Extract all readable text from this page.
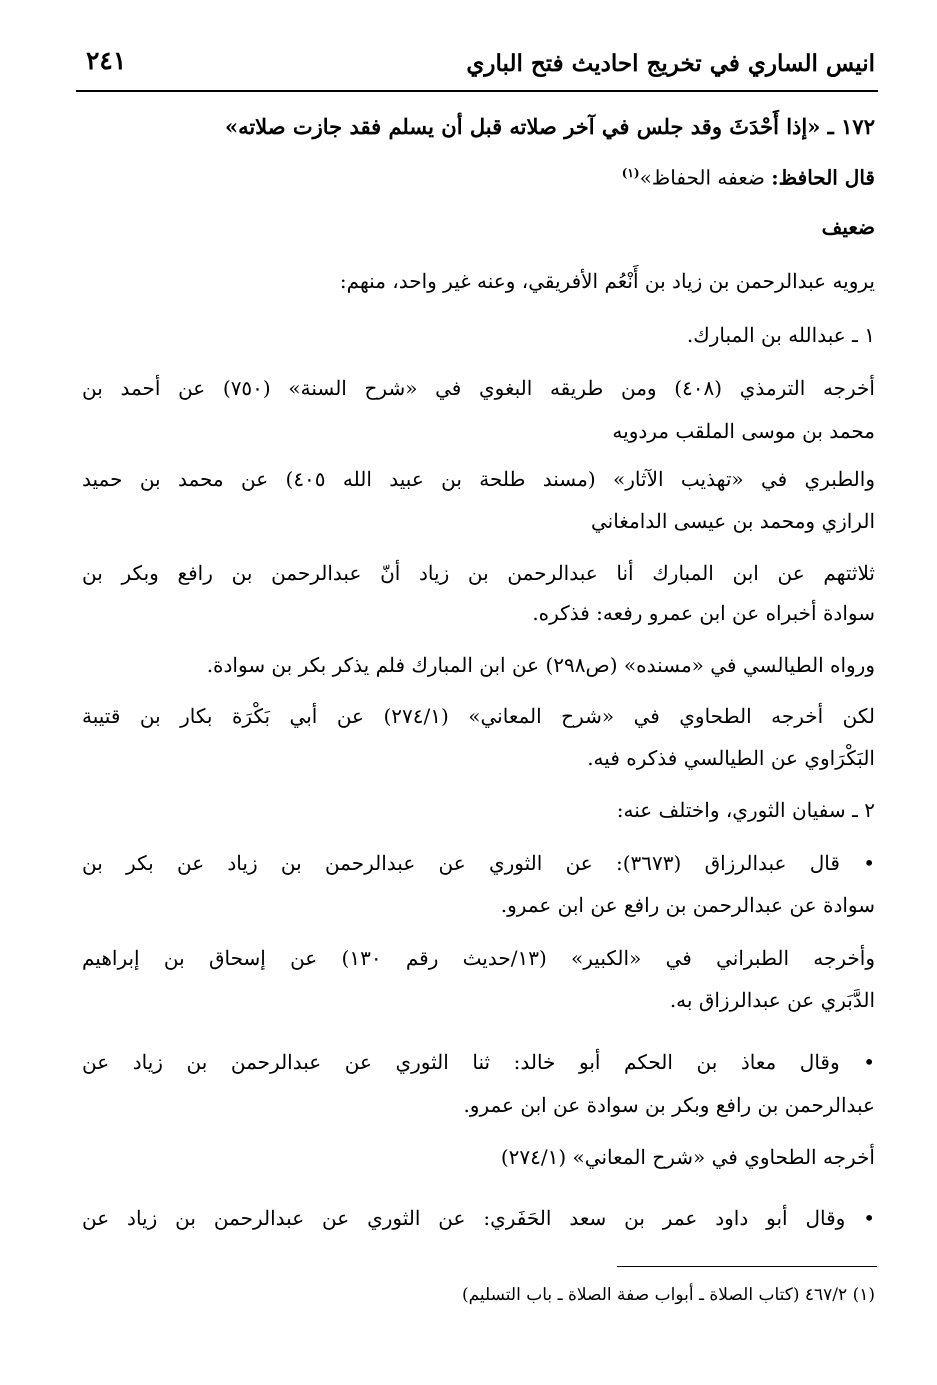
انيس الساري في تخريج احاديث فتح الباري
٢٤١
١٧٢ ـ «إذا أَحْدَثَ وقد جلس في آخر صلاته قبل أن يسلم فقد جازت صلاته»
قال الحافظ: ضعفه الحفاظ»$^{(١)}$
ضعيف
يرويه عبدالرحمن بن زياد بن أَنْعُم الأفريقي، وعنه غير واحد، منهم:
١ ـ عبدالله بن المبارك.
أخرجه الترمذي (٤٠٨) ومن طريقه البغوي في «شرح السنة» (٧٥٠) عن أحمد بن
محمد بن موسى الملقب مردويه
والطبري في «تهذيب الآثار» (مسند طلحة بن عبيد الله ٤٠٥) عن محمد بن حميد
الرازي ومحمد بن عيسى الدامغاني
ثلاثتهم عن ابن المبارك أنا عبدالرحمن بن زياد أنّ عبدالرحمن بن رافع وبكر بن
سوادة أخبراه عن ابن عمرو رفعه: فذكره.
ورواه الطيالسي في «مسنده» (ص٢٩٨) عن ابن المبارك فلم يذكر بكر بن سوادة.
لكن أخرجه الطحاوي في «شرح المعاني» (٢٧٤/١) عن أبي بَكْرَة بكار بن قتيبة
البَكْرَاوي عن الطيالسي فذكره فيه.
٢ ـ سفيان الثوري، واختلف عنه:
• قال عبدالرزاق (٣٦٧٣): عن الثوري عن عبدالرحمن بن زياد عن بكر بن
سوادة عن عبدالرحمن بن رافع عن ابن عمرو.
وأخرجه الطبراني في «الكبير» (١٣/حديث رقم ١٣٠) عن إسحاق بن إبراهيم
الدَّبَري عن عبدالرزاق به.
• وقال معاذ بن الحكم أبو خالد: ثنا الثوري عن عبدالرحمن بن زياد عن
عبدالرحمن بن رافع وبكر بن سوادة عن ابن عمرو.
أخرجه الطحاوي في «شرح المعاني» (٢٧٤/١)
• وقال أبو داود عمر بن سعد الحَفَري: عن الثوري عن عبدالرحمن بن زياد عن
(١) ٤٦٧/٢ (كتاب الصلاة ـ أبواب صفة الصلاة ـ باب التسليم)
